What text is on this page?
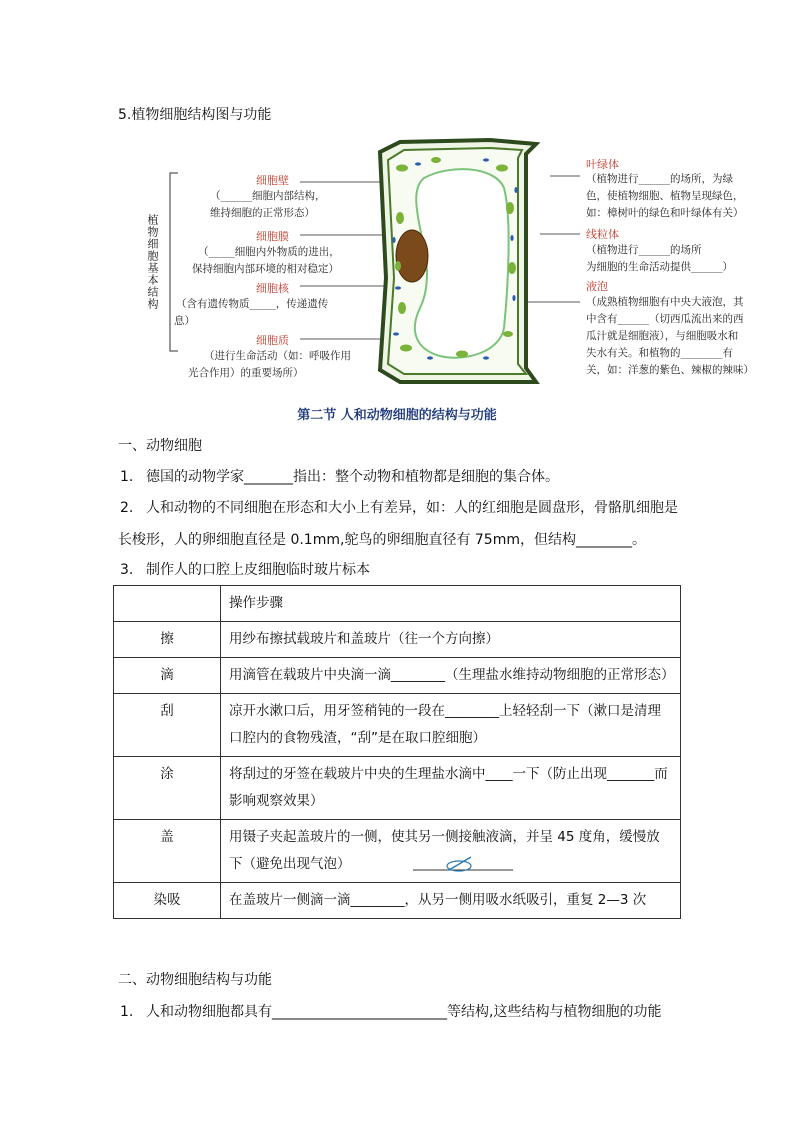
5.植物细胞结构图与功能
植物细胞基本结构
细胞壁
（______细胞内部结构，
维持细胞的正常形态）
细胞膜
（_____细胞内外物质的进出，
保持细胞内部环境的相对稳定）
细胞核
（含有遗传物质_____，传递遗传
息）
细胞质
（进行生命活动（如：呼吸作用
光合作用）的重要场所）
叶绿体
（植物进行______的场所，为绿
色，使植物细胞、植物呈现绿色，
如：樟树叶的绿色和叶绿体有关）
线粒体
（植物进行______的场所
为细胞的生命活动提供______）
液泡
（成熟植物细胞有中央大液泡，其
中含有______（切西瓜流出来的西
瓜汁就是细胞液），与细胞吸水和
失水有关。和植物的________有
关，如：洋葱的紫色、辣椒的辣味）
第二节 人和动物细胞的结构与功能
一、动物细胞
1. 德国的动物学家_______指出：整个动物和植物都是细胞的集合体。
2. 人和动物的不同细胞在形态和大小上有差异，如：人的红细胞是圆盘形，骨骼肌细胞是
长梭形，人的卵细胞直径是 0.1mm,鸵鸟的卵细胞直径有 75mm，但结构________。
3. 制作人的口腔上皮细胞临时玻片标本
	操作步骤
擦	用纱布擦拭载玻片和盖玻片（往一个方向擦）
滴	用滴管在载玻片中央滴一滴________（生理盐水维持动物细胞的正常形态）
刮	凉开水漱口后，用牙签稍钝的一段在________上轻轻刮一下（漱口是清理口腔内的食物残渣，“刮”是在取口腔细胞）
涂	将刮过的牙签在载玻片中央的生理盐水滴中____一下（防止出现_______而影响观察效果）
盖	用镊子夹起盖玻片的一侧，使其另一侧接触液滴，并呈 45 度角，缓慢放下（避免出现气泡）

染吸	在盖玻片一侧滴一滴________，从另一侧用吸水纸吸引，重复 2—3 次
二、动物细胞结构与功能
1. 人和动物细胞都具有_________________________等结构,这些结构与植物细胞的功能
